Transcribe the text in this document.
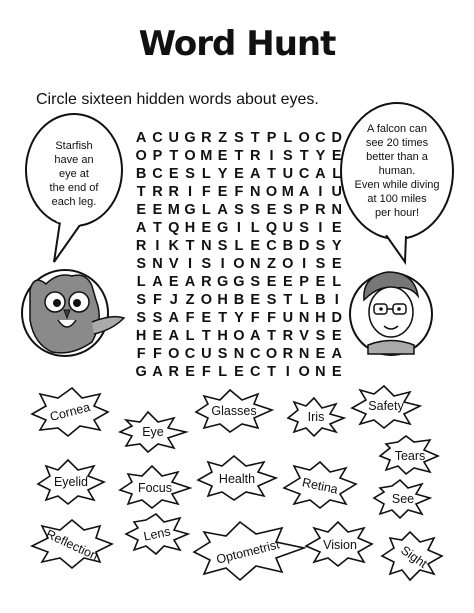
Word Hunt
Circle sixteen hidden words about eyes.
Starfish
have an
eye at
the end of
each leg.
A falcon can
see 20 times
better than a
human.
Even while diving
at 100 miles
per hour!
A C U G R Z S T P L O C D
O P T O M E T R I S T Y E
B C E S L Y E A T U C A L
T R R I F E F N O M A I U
E E M G L A S S E S P R N
A T Q H E G I L Q U S I E
R I K T N S L E C B D S Y
S N V I S I O N Z O I S E
L A E A R G G S E E P E L
S F J Z O H B E S T L B I
S S A F E T Y F F U N H D
H E A L T H O A T R V S E
F F O C U S N C O R N E A
G A R E F L E C T I O N E
Cornea
Eye
Glasses	Iris
Safety
Tears
Eyelid	Focus
Health	Retina
See
Reflection	Lens
Optometrist	Vision	Sight
